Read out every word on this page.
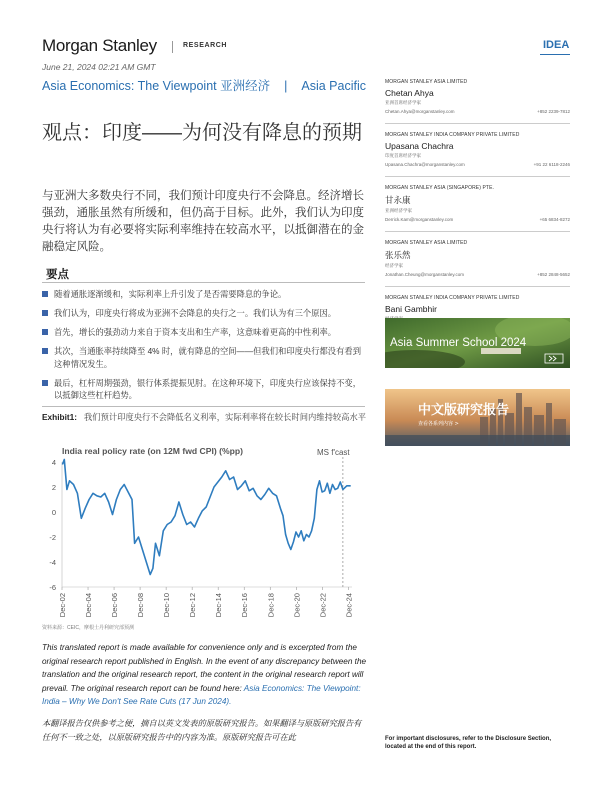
Morgan Stanley	RESEARCH	IDEA
June 21, 2024 02:21 AM GMT
Asia Economics: The Viewpoint 亚洲经济 | Asia Pacific
观点：印度——为何没有降息的预期
与亚洲大多数央行不同，我们预计印度央行不会降息。经济增长强劲，通胀虽然有所缓和，但仍高于目标。此外，我们认为印度央行将认为有必要将实际利率维持在较高水平，以抵御潜在的金融稳定风险。
要点
随着通胀逐渐缓和，实际利率上升引发了是否需要降息的争论。
我们认为，印度央行将成为亚洲不会降息的央行之一。我们认为有三个原因。
首先，增长的强劲动力来自于资本支出和生产率，这意味着更高的中性利率。
其次，当通胀率持续降至 4% 时，就有降息的空间——但我们和印度央行都没有看到这种情况发生。
最后，杠杆周期强劲，银行体系提振见肘。在这种环境下，印度央行应该保持不变，以抵御这些杠杆趋势。
Exhibit1: 我们预计印度央行不会降低名义利率，实际利率将在较长时间内维持较高水平
India real policy rate (on 12M fwd CPI) (%pp)	MS f'cast
4
2
0
-2
-4
-6
Dec-02 Dec-04 Dec-06 Dec-08 Dec-10 Dec-12 Dec-14 Dec-16 Dec-18 Dec-20 Dec-22 Dec-24
资料来源：CEIC，摩根士丹利研究部预测
This translated report is made available for convenience only and is excerpted from the original research report published in English. In the event of any discrepancy between the translation and the original research report, the content in the original research report will prevail. The original research report can be found here: Asia Economics: The Viewpoint: India – Why We Don't See Rate Cuts (17 Jun 2024).
本翻译报告仅供参考之便，摘自以英文发表的原版研究报告。如果翻译与原版研究报告有任何不一致之处，以原版研究报告中的内容为准。原版研究报告可在此
MORGAN STANLEY ASIA LIMITED
Chetan Ahya
亚洲首席经济学家
Chetan.Ahya@morganstanley.com	+852 2239-7812
MORGAN STANLEY INDIA COMPANY PRIVATE LIMITED
Upasana Chachra
印度首席经济学家
Upasana.Chachra@morganstanley.com	+91 22 6118-2246
MORGAN STANLEY ASIA (SINGAPORE) PTE.
甘永康
亚洲经济学家
Derrick.Kam@morganstanley.com	+65 6834-8272
MORGAN STANLEY ASIA LIMITED
张乐然
经济学家
Jonathan.Cheung@morganstanley.com	+852 2848-5652
MORGAN STANLEY INDIA COMPANY PRIVATE LIMITED
Bani Gambhir
Asia Summer School 2024
中文版研究报告
查看各系列内容 >
For important disclosures, refer to the Disclosure Section, located at the end of this report.
